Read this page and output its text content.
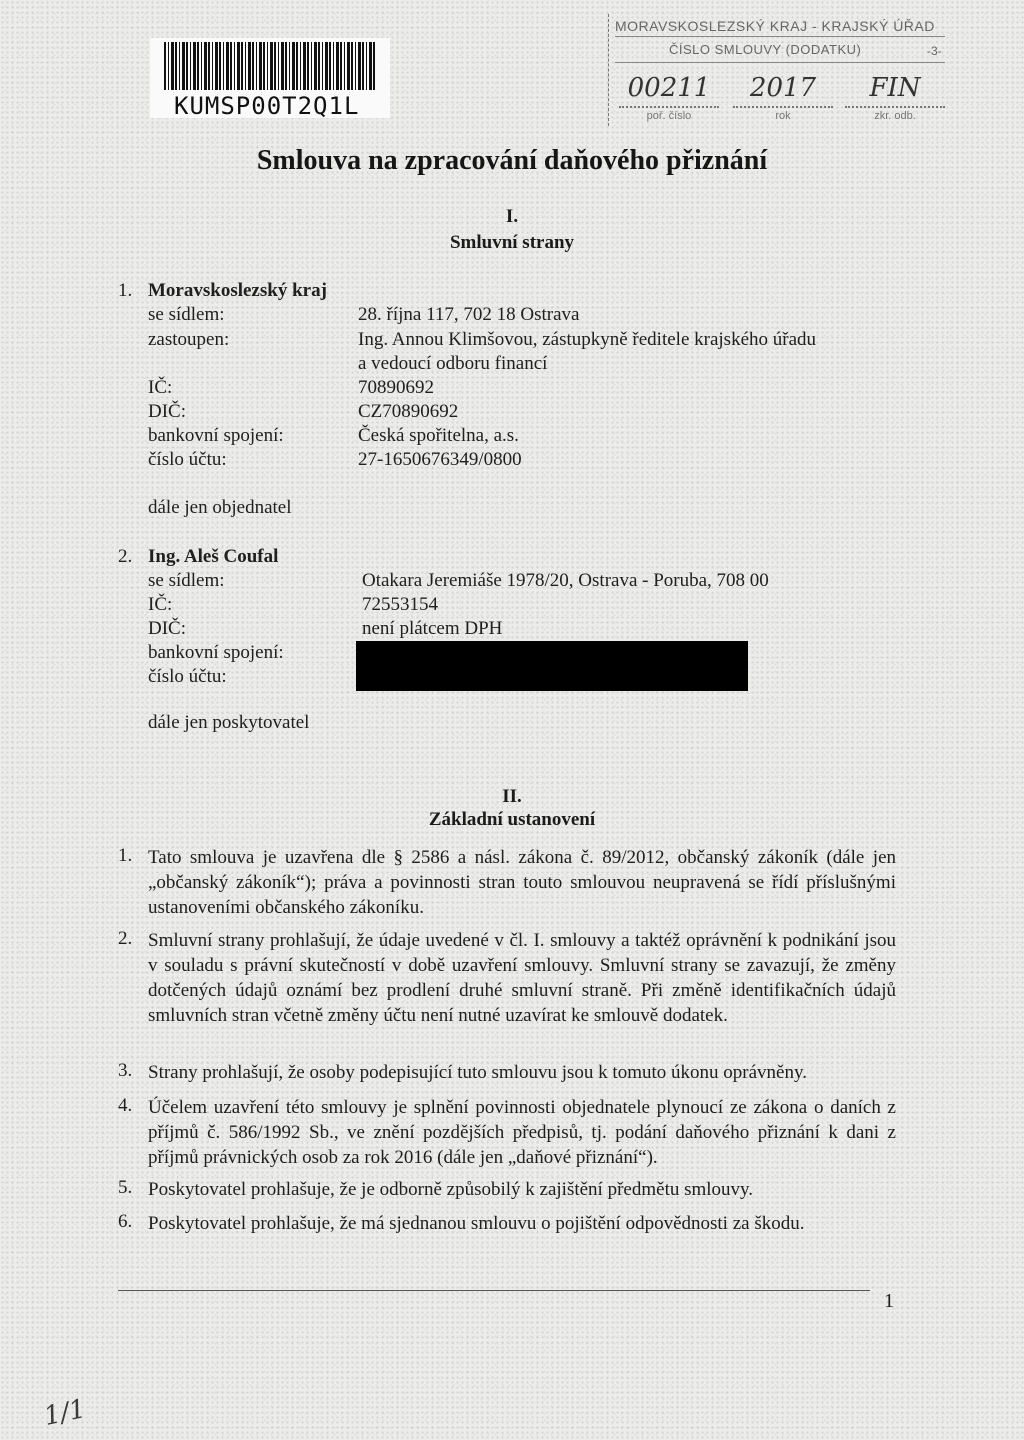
KUMSP00T2Q1L
MORAVSKOSLEZSKÝ KRAJ - KRAJSKÝ ÚŘAD
ČÍSLO SMLOUVY (DODATKU)	-3-
00211
poř. číslo
2017
rok
FIN
zkr. odb.
Smlouva na zpracování daňového přiznání
I.
Smluvní strany
1. Moravskoslezský kraj
se sídlem:	28. října 117, 702 18 Ostrava
zastoupen:	Ing. Annou Klimšovou, zástupkyně ředitele krajského úřadu
a vedoucí odboru financí
IČ:	70890692
DIČ:	CZ70890692
bankovní spojení:	Česká spořitelna, a.s.
číslo účtu:	27-1650676349/0800
dále jen objednatel
2. Ing. Aleš Coufal
se sídlem:	Otakara Jeremiáše 1978/20, Ostrava - Poruba, 708 00
IČ:	72553154
DIČ:	není plátcem DPH
bankovní spojení:
číslo účtu:
dále jen poskytovatel
II.
Základní ustanovení
1. Tato smlouva je uzavřena dle § 2586 a násl. zákona č. 89/2012, občanský zákoník (dále jen „občanský zákoník“); práva a povinnosti stran touto smlouvou neupravená se řídí příslušnými ustanoveními občanského zákoníku.
2. Smluvní strany prohlašují, že údaje uvedené v čl. I. smlouvy a taktéž oprávnění k podnikání jsou v souladu s právní skutečností v době uzavření smlouvy. Smluvní strany se zavazují, že změny dotčených údajů oznámí bez prodlení druhé smluvní straně. Při změně identifikačních údajů smluvních stran včetně změny účtu není nutné uzavírat ke smlouvě dodatek.
3. Strany prohlašují, že osoby podepisující tuto smlouvu jsou k tomuto úkonu oprávněny.
4. Účelem uzavření této smlouvy je splnění povinnosti objednatele plynoucí ze zákona o daních z příjmů č. 586/1992 Sb., ve znění pozdějších předpisů, tj. podání daňového přiznání k dani z příjmů právnických osob za rok 2016 (dále jen „daňové přiznání“).
5. Poskytovatel prohlašuje, že je odborně způsobilý k zajištění předmětu smlouvy.
6. Poskytovatel prohlašuje, že má sjednanou smlouvu o pojištění odpovědnosti za škodu.
1
1/1
